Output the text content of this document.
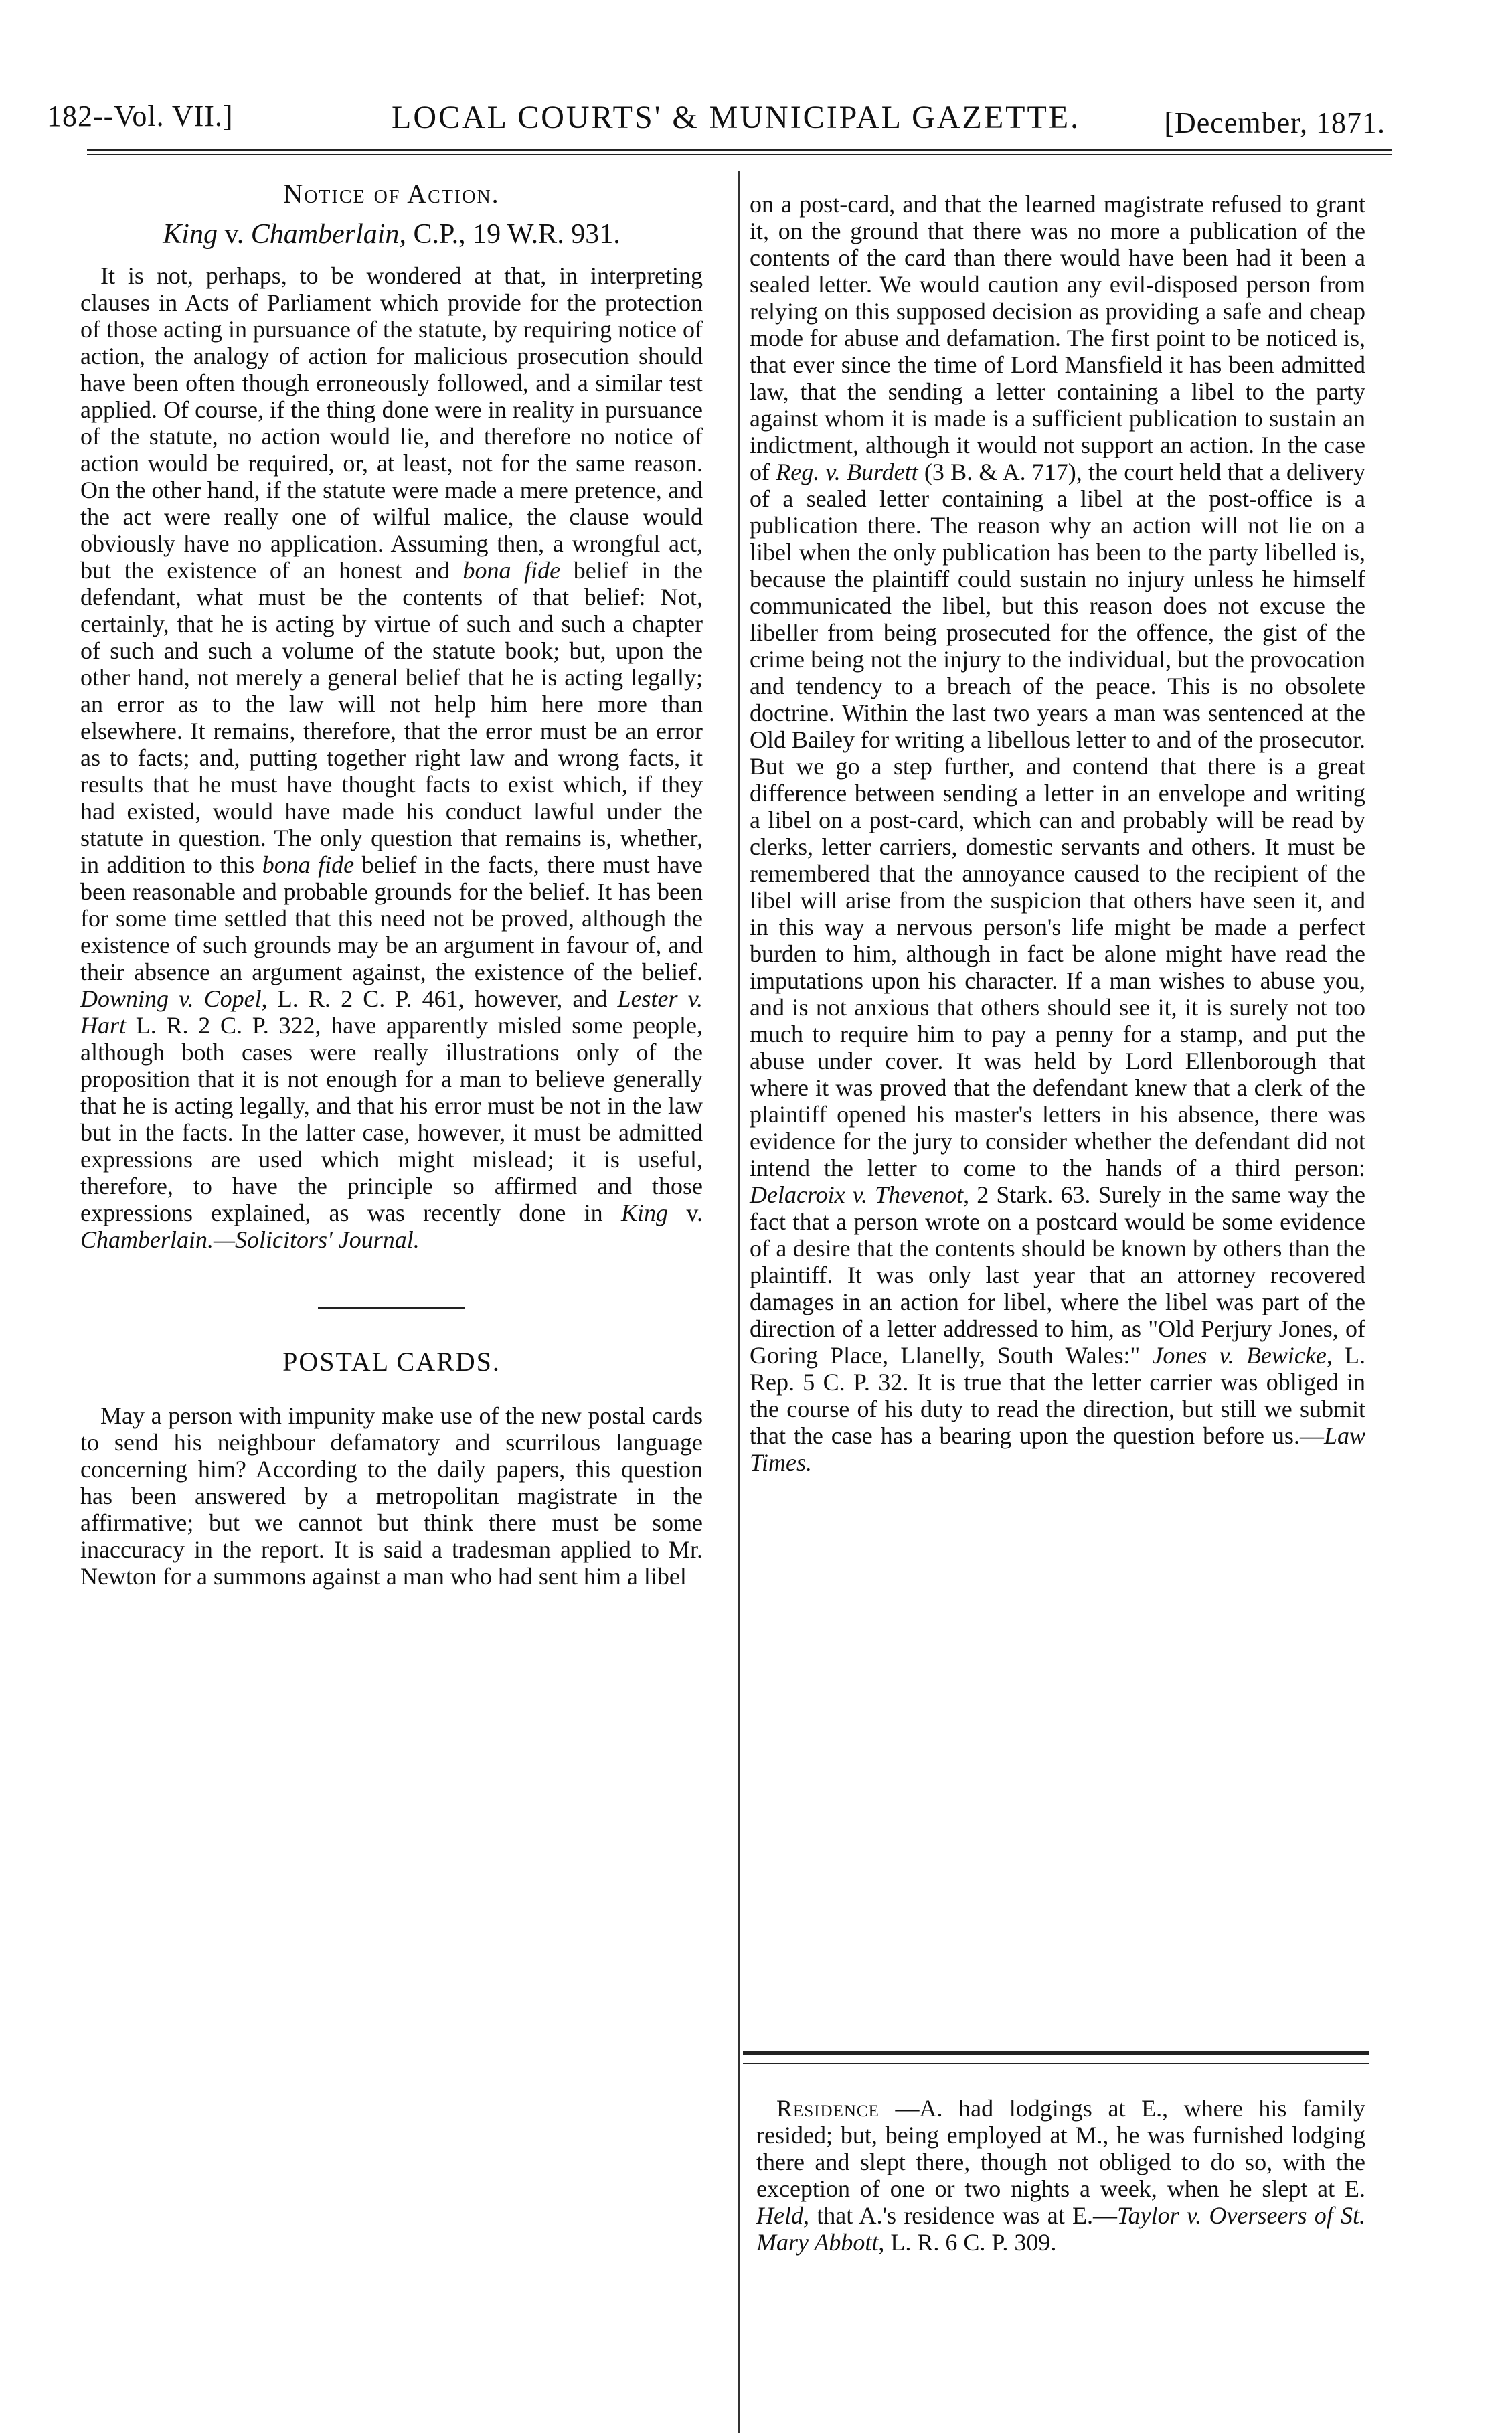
182--Vol. VII.]	LOCAL COURTS' & MUNICIPAL GAZETTE.	[December, 1871.
Notice of Action.
King v. Chamberlain, C.P., 19 W.R. 931.

It is not, perhaps, to be wondered at that, in interpreting clauses in Acts of Parliament which provide for the protection of those acting in pursuance of the statute, by requiring notice of action, the analogy of action for malicious prosecution should have been often though erroneously followed, and a similar test applied. Of course, if the thing done were in reality in pursuance of the statute, no action would lie, and therefore no notice of action would be required, or, at least, not for the same reason. On the other hand, if the statute were made a mere pretence, and the act were really one of wilful malice, the clause would obviously have no application. Assuming then, a wrongful act, but the existence of an honest and bona fide belief in the defendant, what must be the contents of that belief: Not, certainly, that he is acting by virtue of such and such a chapter of such and such a volume of the statute book; but, upon the other hand, not merely a general belief that he is acting legally; an error as to the law will not help him here more than elsewhere. It remains, therefore, that the error must be an error as to facts; and, putting together right law and wrong facts, it results that he must have thought facts to exist which, if they had existed, would have made his conduct lawful under the statute in question. The only question that remains is, whether, in addition to this bona fide belief in the facts, there must have been reasonable and probable grounds for the belief. It has been for some time settled that this need not be proved, although the existence of such grounds may be an argument in favour of, and their absence an argument against, the existence of the belief. Downing v. Copel, L. R. 2 C. P. 461, however, and Lester v. Hart L. R. 2 C. P. 322, have apparently misled some people, although both cases were really illustrations only of the proposition that it is not enough for a man to believe generally that he is acting legally, and that his error must be not in the law but in the facts. In the latter case, however, it must be admitted expressions are used which might mislead; it is useful, therefore, to have the principle so affirmed and those expressions explained, as was recently done in King v. Chamberlain.—Solicitors' Journal.

POSTAL CARDS.

May a person with impunity make use of the new postal cards to send his neighbour defamatory and scurrilous language concerning him? According to the daily papers, this question has been answered by a metropolitan magistrate in the affirmative; but we cannot but think there must be some inaccuracy in the report. It is said a tradesman applied to Mr. Newton for a summons against a man who had sent him a libel

on a post-card, and that the learned magistrate refused to grant it, on the ground that there was no more a publication of the contents of the card than there would have been had it been a sealed letter. We would caution any evil-disposed person from relying on this supposed decision as providing a safe and cheap mode for abuse and defamation. The first point to be noticed is, that ever since the time of Lord Mansfield it has been admitted law, that the sending a letter containing a libel to the party against whom it is made is a sufficient publication to sustain an indictment, although it would not support an action. In the case of Reg. v. Burdett (3 B. & A. 717), the court held that a delivery of a sealed letter containing a libel at the post-office is a publication there. The reason why an action will not lie on a libel when the only publication has been to the party libelled is, because the plaintiff could sustain no injury unless he himself communicated the libel, but this reason does not excuse the libeller from being prosecuted for the offence, the gist of the crime being not the injury to the individual, but the provocation and tendency to a breach of the peace. This is no obsolete doctrine. Within the last two years a man was sentenced at the Old Bailey for writing a libellous letter to and of the prosecutor. But we go a step further, and contend that there is a great difference between sending a letter in an envelope and writing a libel on a post-card, which can and probably will be read by clerks, letter carriers, domestic servants and others. It must be remembered that the annoyance caused to the recipient of the libel will arise from the suspicion that others have seen it, and in this way a nervous person's life might be made a perfect burden to him, although in fact be alone might have read the imputations upon his character. If a man wishes to abuse you, and is not anxious that others should see it, it is surely not too much to require him to pay a penny for a stamp, and put the abuse under cover. It was held by Lord Ellenborough that where it was proved that the defendant knew that a clerk of the plaintiff opened his master's letters in his absence, there was evidence for the jury to consider whether the defendant did not intend the letter to come to the hands of a third person: Delacroix v. Thevenot, 2 Stark. 63. Surely in the same way the fact that a person wrote on a postcard would be some evidence of a desire that the contents should be known by others than the plaintiff. It was only last year that an attorney recovered damages in an action for libel, where the libel was part of the direction of a letter addressed to him, as "Old Perjury Jones, of Goring Place, Llanelly, South Wales:" Jones v. Bewicke, L. Rep. 5 C. P. 32. It is true that the letter carrier was obliged in the course of his duty to read the direction, but still we submit that the case has a bearing upon the question before us.—Law Times.

Residence —A. had lodgings at E., where his family resided; but, being employed at M., he was furnished lodging there and slept there, though not obliged to do so, with the exception of one or two nights a week, when he slept at E. Held, that A.'s residence was at E.—Taylor v. Overseers of St. Mary Abbott, L. R. 6 C. P. 309.
